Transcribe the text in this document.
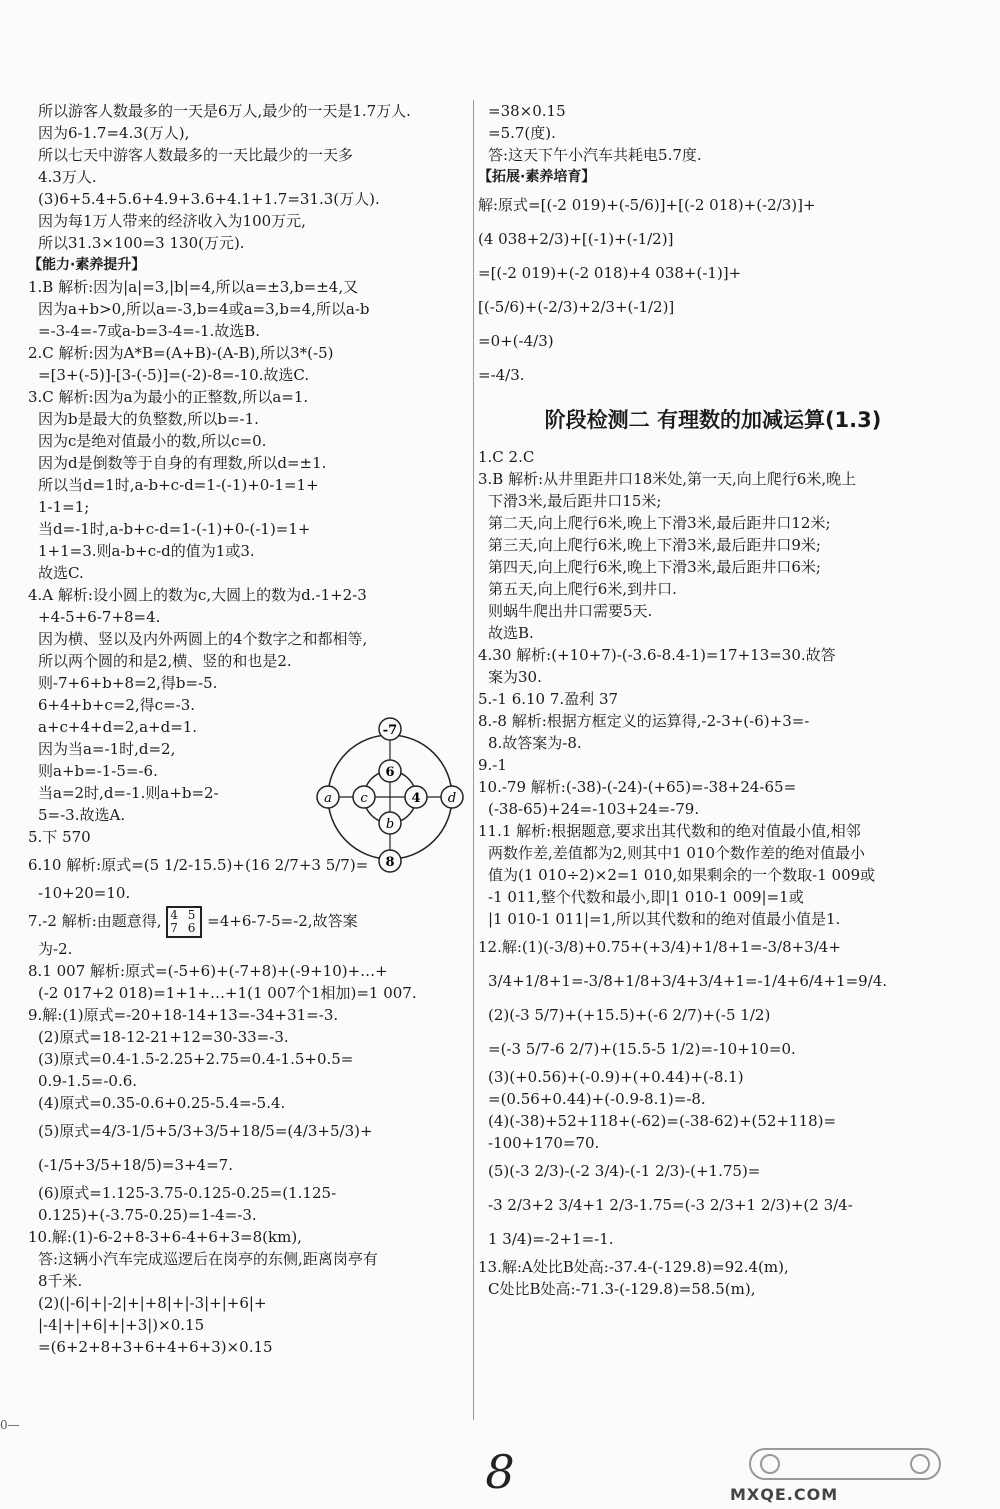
所以游客人数最多的一天是6万人,最少的一天是1.7万人.
因为6-1.7=4.3(万人),
所以七天中游客人数最多的一天比最少的一天多
4.3万人.
(3)6+5.4+5.6+4.9+3.6+4.1+1.7=31.3(万人).
因为每1万人带来的经济收入为100万元,
所以31.3×100=3 130(万元).
【能力·素养提升】
1.B 解析:因为|a|=3,|b|=4,所以a=±3,b=±4,又
因为a+b>0,所以a=-3,b=4或a=3,b=4,所以a-b
=-3-4=-7或a-b=3-4=-1.故选B.
2.C 解析:因为A*B=(A+B)-(A-B),所以3*(-5)
=[3+(-5)]-[3-(-5)]=(-2)-8=-10.故选C.
3.C 解析:因为a为最小的正整数,所以a=1.
因为b是最大的负整数,所以b=-1.
因为c是绝对值最小的数,所以c=0.
因为d是倒数等于自身的有理数,所以d=±1.
所以当d=1时,a-b+c-d=1-(-1)+0-1=1+
1-1=1;
当d=-1时,a-b+c-d=1-(-1)+0-(-1)=1+
1+1=3.则a-b+c-d的值为1或3.
故选C.
4.A 解析:设小圆上的数为c,大圆上的数为d.-1+2-3
+4-5+6-7+8=4.
因为横、竖以及内外两圆上的4个数字之和都相等,
所以两个圆的和是2,横、竖的和也是2.
则-7+6+b+8=2,得b=-5.
6+4+b+c=2,得c=-3.
a+c+4+d=2,a+d=1.
因为当a=-1时,d=2,
则a+b=-1-5=-6.
当a=2时,d=-1.则a+b=2-
5=-3.故选A.
5.下 570
6.10 解析:原式=(5 1/2-15.5)+(16 2/7+3 5/7)=
-10+20=10.
7.-2 解析:由题意得, 4 5
7 6 =4+6-7-5=-2,故答案
为-2.
8.1 007 解析:原式=(-5+6)+(-7+8)+(-9+10)+…+
(-2 017+2 018)=1+1+…+1(1 007个1相加)=1 007.
9.解:(1)原式=-20+18-14+13=-34+31=-3.
(2)原式=18-12-21+12=30-33=-3.
(3)原式=0.4-1.5-2.25+2.75=0.4-1.5+0.5=
0.9-1.5=-0.6.
(4)原式=0.35-0.6+0.25-5.4=-5.4.
(5)原式=4/3-1/5+5/3+3/5+18/5=(4/3+5/3)+
(-1/5+3/5+18/5)=3+4=7.
(6)原式=1.125-3.75-0.125-0.25=(1.125-
0.125)+(-3.75-0.25)=1-4=-3.
10.解:(1)-6-2+8-3+6-4+6+3=8(km),
答:这辆小汽车完成巡逻后在岗亭的东侧,距离岗亭有
8千米.
(2)(|-6|+|-2|+|+8|+|-3|+|+6|+
|-4|+|+6|+|+3|)×0.15
=(6+2+8+3+6+4+6+3)×0.15
-7
6
c	4
b
a	d
8
=38×0.15
=5.7(度).
答:这天下午小汽车共耗电5.7度.
【拓展·素养培育】
解:原式=[(-2 019)+(-5/6)]+[(-2 018)+(-2/3)]+
(4 038+2/3)+[(-1)+(-1/2)]
=[(-2 019)+(-2 018)+4 038+(-1)]+
[(-5/6)+(-2/3)+2/3+(-1/2)]
=0+(-4/3)
=-4/3.
阶段检测二 有理数的加减运算(1.3)
1.C 2.C
3.B 解析:从井里距井口18米处,第一天,向上爬行6米,晚上
下滑3米,最后距井口15米;
第二天,向上爬行6米,晚上下滑3米,最后距井口12米;
第三天,向上爬行6米,晚上下滑3米,最后距井口9米;
第四天,向上爬行6米,晚上下滑3米,最后距井口6米;
第五天,向上爬行6米,到井口.
则蜗牛爬出井口需要5天.
故选B.
4.30 解析:(+10+7)-(-3.6-8.4-1)=17+13=30.故答
案为30.
5.-1 6.10 7.盈利 37
8.-8 解析:根据方框定义的运算得,-2-3+(-6)+3=-
8.故答案为-8.
9.-1
10.-79 解析:(-38)-(-24)-(+65)=-38+24-65=
(-38-65)+24=-103+24=-79.
11.1 解析:根据题意,要求出其代数和的绝对值最小值,相邻
两数作差,差值都为2,则其中1 010个数作差的绝对值最小
值为(1 010÷2)×2=1 010,如果剩余的一个数取-1 009或
-1 011,整个代数和最小,即|1 010-1 009|=1或
|1 010-1 011|=1,所以其代数和的绝对值最小值是1.
12.解:(1)(-3/8)+0.75+(+3/4)+1/8+1=-3/8+3/4+
3/4+1/8+1=-3/8+1/8+3/4+3/4+1=-1/4+6/4+1=9/4.
(2)(-3 5/7)+(+15.5)+(-6 2/7)+(-5 1/2)
=(-3 5/7-6 2/7)+(15.5-5 1/2)=-10+10=0.
(3)(+0.56)+(-0.9)+(+0.44)+(-8.1)
=(0.56+0.44)+(-0.9-8.1)=-8.
(4)(-38)+52+118+(-62)=(-38-62)+(52+118)=
-100+170=70.
(5)(-3 2/3)-(-2 3/4)-(-1 2/3)-(+1.75)=
-3 2/3+2 3/4+1 2/3-1.75=(-3 2/3+1 2/3)+(2 3/4-
1 3/4)=-2+1=-1.
13.解:A处比B处高:-37.4-(-129.8)=92.4(m),
C处比B处高:-71.3-(-129.8)=58.5(m),
0—
8	MXQE.COM
